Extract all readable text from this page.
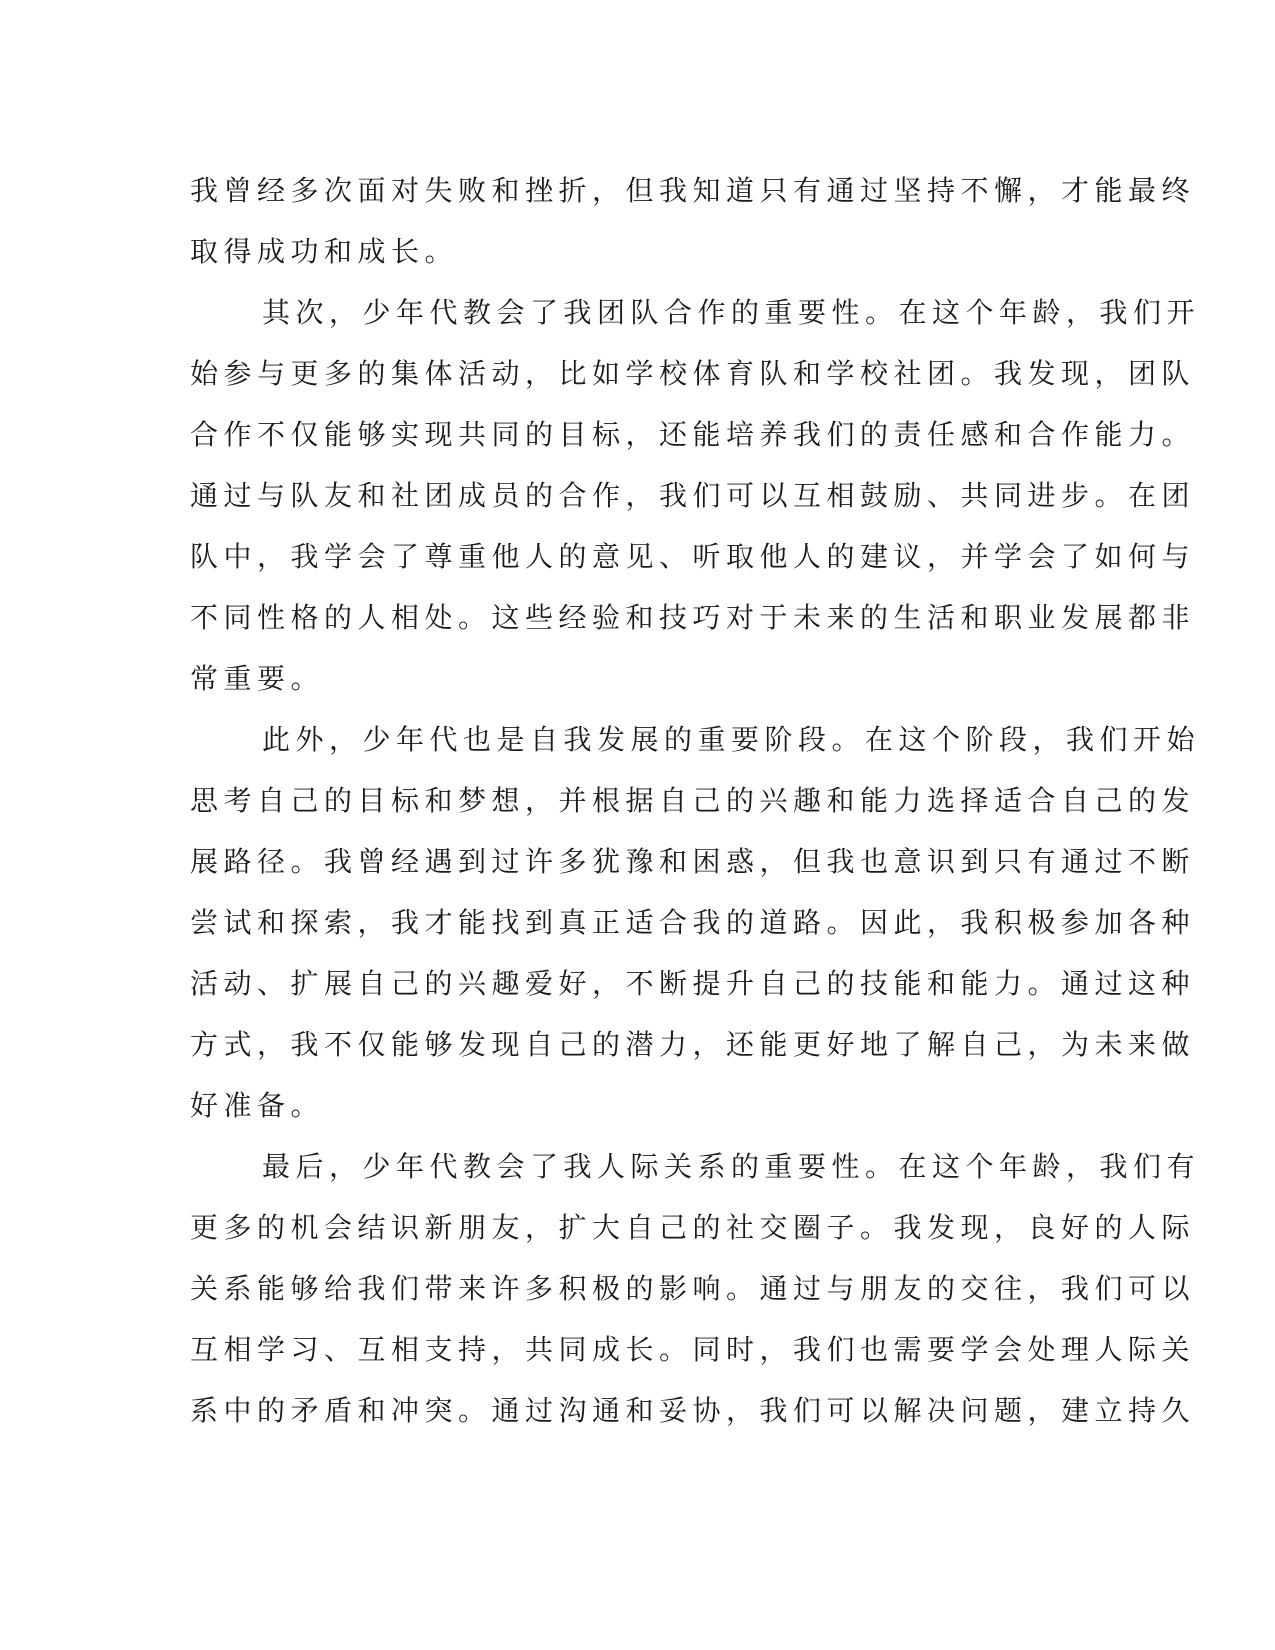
我曾经多次面对失败和挫折，但我知道只有通过坚持不懈，才能最终
取得成功和成长。
其次，少年代教会了我团队合作的重要性。在这个年龄，我们开
始参与更多的集体活动，比如学校体育队和学校社团。我发现，团队
合作不仅能够实现共同的目标，还能培养我们的责任感和合作能力。
通过与队友和社团成员的合作，我们可以互相鼓励、共同进步。在团
队中，我学会了尊重他人的意见、听取他人的建议，并学会了如何与
不同性格的人相处。这些经验和技巧对于未来的生活和职业发展都非
常重要。
此外，少年代也是自我发展的重要阶段。在这个阶段，我们开始
思考自己的目标和梦想，并根据自己的兴趣和能力选择适合自己的发
展路径。我曾经遇到过许多犹豫和困惑，但我也意识到只有通过不断
尝试和探索，我才能找到真正适合我的道路。因此，我积极参加各种
活动、扩展自己的兴趣爱好，不断提升自己的技能和能力。通过这种
方式，我不仅能够发现自己的潜力，还能更好地了解自己，为未来做
好准备。
最后，少年代教会了我人际关系的重要性。在这个年龄，我们有
更多的机会结识新朋友，扩大自己的社交圈子。我发现，良好的人际
关系能够给我们带来许多积极的影响。通过与朋友的交往，我们可以
互相学习、互相支持，共同成长。同时，我们也需要学会处理人际关
系中的矛盾和冲突。通过沟通和妥协，我们可以解决问题，建立持久
